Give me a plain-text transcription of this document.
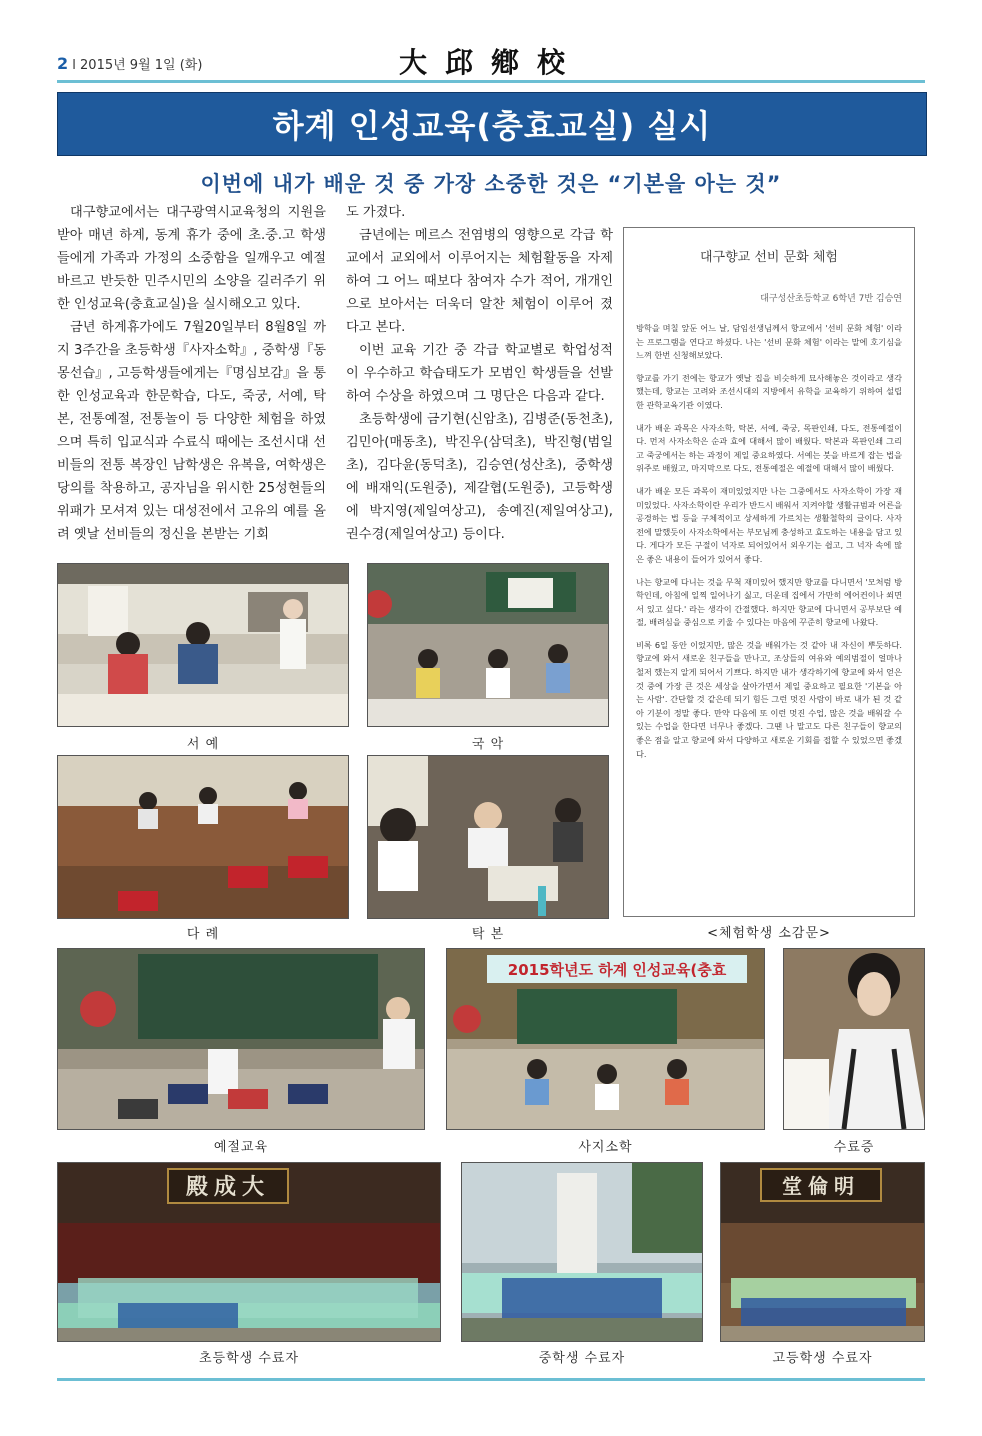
2 l 2015년 9월 1일 (화)	大邱鄕校
하계 인성교육(충효교실) 실시
이번에 내가 배운 것 중 가장 소중한 것은 “기본을 아는 것”

대구향교에서는 대구광역시교육청의 지원을 받아 매년 하계, 동계 휴가 중에 초.중.고 학생들에게 가족과 가정의 소중함을 일깨우고 예절바르고 반듯한 민주시민의 소양을 길러주기 위한 인성교육(충효교실)을 실시해오고 있다.

금년 하계휴가에도 7월20일부터 8월8일 까지 3주간을 초등학생『사자소학』, 중학생『동몽선습』, 고등학생들에게는『명심보감』을 통한 인성교육과 한문학습, 다도, 죽궁, 서예, 탁본, 전통예절, 전통놀이 등 다양한 체험을 하였으며 특히 입교식과 수료식 때에는 조선시대 선비들의 전통 복장인 남학생은 유복을, 여학생은 당의를 착용하고, 공자님을 위시한 25성현들의 위패가 모셔져 있는 대성전에서 고유의 예를 올려 옛날 선비들의 정신을 본받는 기회

도 가졌다.

금년에는 메르스 전염병의 영향으로 각급 학교에서 교외에서 이루어지는 체험활동을 자제하여 그 어느 때보다 참여자 수가 적어, 개개인으로 보아서는 더욱더 알찬 체험이 이루어 졌다고 본다.

이번 교육 기간 중 각급 학교별로 학업성적이 우수하고 학습태도가 모범인 학생들을 선발하여 수상을 하였으며 그 명단은 다음과 같다.

초등학생에 금기현(신암초), 김병준(동천초), 김민아(매동초), 박진우(삼덕초), 박진형(범일초), 김다윤(동덕초), 김승연(성산초), 중학생에 배재익(도원중), 제갈협(도원중), 고등학생에 박지영(제일여상고), 송예진(제일여상고), 권수경(제일여상고) 등이다.

대구향교 선비 문화 체험
대구성산초등학교 6학년 7반 김승연

방학을 며칠 앞둔 어느 날, 담임선생님께서 향교에서 '선비 문화 체험' 이라는 프로그램을 연다고 하셨다. 나는 '선비 문화 체험' 이라는 말에 호기심을 느껴 한번 신청해보았다.

향교를 가기 전에는 향교가 옛날 집을 비슷하게 묘사해놓은 것이라고 생각했는데, 향교는 고려와 조선시대의 지방에서 유학을 교육하기 위하여 설립한 관학교육기관 이였다.

내가 배운 과목은 사자소학, 탁본, 서예, 죽궁, 목판인쇄, 다도, 전통예절이다. 먼저 사자소학은 순과 효에 대해서 많이 배웠다. 탁본과 목판인쇄 그리고 죽궁에서는 하는 과정이 제일 중요하였다. 서예는 붓을 바르게 잡는 법을 위주로 배웠고, 마지막으로 다도, 전통예절은 예절에 대해서 많이 배웠다.

내가 배운 모든 과목이 재미있었지만 나는 그중에서도 사자소학이 가장 재미있었다. 사자소학이란 우리가 반드시 배워서 지켜야할 생활규범과 어른을 공경하는 법 등을 구체적이고 상세하게 가르치는 생활철학의 글이다. 사자 전에 말했듯이 사자소학에서는 부모님께 충성하고 효도하는 내용을 담고 있다. 게다가 모든 구절이 넉자로 되어있어서 외우기는 쉽고, 그 넉자 속에 많은 좋은 내용이 들어가 있어서 좋다.

나는 향교에 다니는 것을 무척 재미있어 했지만 향교를 다니면서 '모처럼 방학인데, 아침에 일찍 일어나기 싫고, 더운데 집에서 가만히 에어컨이나 쐬면서 있고 싶다.' 라는 생각이 간절했다. 하지만 향교에 다니면서 공부보단 예절, 배려심을 중심으로 키울 수 있다는 마음에 꾸준히 향교에 나왔다.

비록 6일 동안 이었지만, 많은 것을 배워가는 것 같아 내 자신이 뿌듯하다. 향교에 와서 새로운 친구들을 만나고, 조상들의 여유와 예의범절이 얼마나 철저 했는지 알게 되어서 기쁘다. 하지만 내가 생각하기에 향교에 와서 얻은 것 중에 가장 큰 것은 세상을 살아가면서 제일 중요하고 필요한 '기본을 아는 사람'. 간단할 것 같은데 되기 힘든 그런 멋진 사람이 바로 내가 된 것 같아 기분이 정말 좋다. 만약 다음에 또 이런 멋진 수업, 많은 것을 배워갈 수 있는 수업을 한다면 너무나 좋겠다. 그땐 나 말고도 다른 친구들이 향교의 좋은 점을 알고 향교에 와서 다양하고 새로운 기회를 접할 수 있었으면 좋겠다.

<체험학생 소감문>
서 예	국 악
다 례	탁 본
2015학년도 하계 인성교육(충효
예절교육	사지소학	수료증
殿成大	堂倫明
초등학생 수료자	중학생 수료자	고등학생 수료자
